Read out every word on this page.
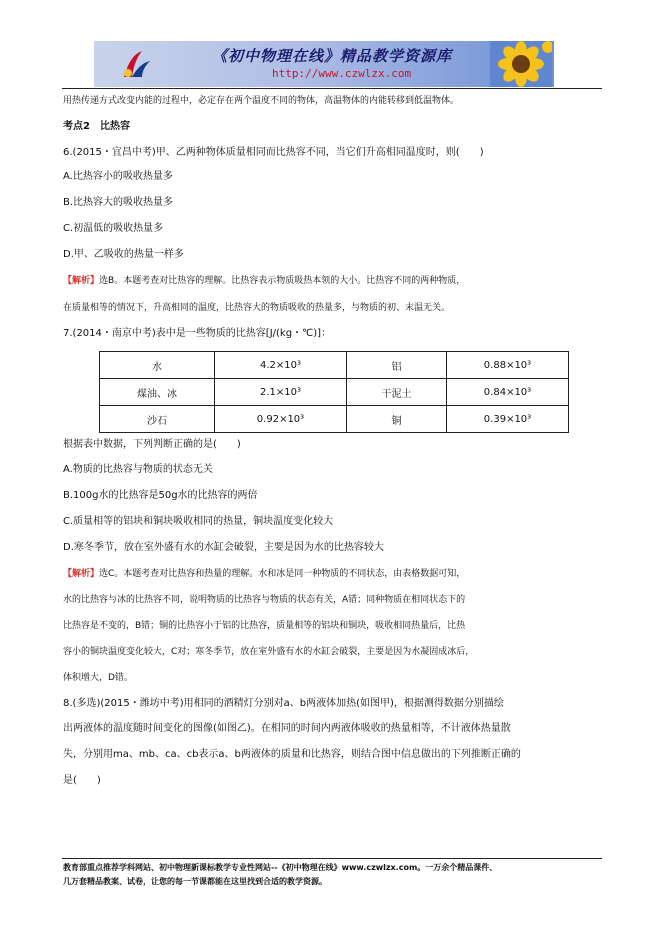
《初中物理在线》精品教学资源库
http://www.czwlzx.com
用热传递方式改变内能的过程中，必定存在两个温度不同的物体，高温物体的内能转移到低温物体。
考点2　比热容
6.(2015・宜昌中考)甲、乙两种物体质量相同而比热容不同，当它们升高相同温度时，则(　　)
A.比热容小的吸收热量多
B.比热容大的吸收热量多
C.初温低的吸收热量多
D.甲、乙吸收的热量一样多
【解析】选B。本题考查对比热容的理解。比热容表示物质吸热本领的大小。比热容不同的两种物质，
在质量相等的情况下，升高相同的温度，比热容大的物质吸收的热量多，与物质的初、末温无关。
7.(2014・南京中考)表中是一些物质的比热容[J/(kg・℃)]：
水	4.2×10³	铝	0.88×10³
煤油、冰	2.1×10³	干泥土	0.84×10³
沙石	0.92×10³	铜	0.39×10³
根据表中数据，下列判断正确的是(　　)
A.物质的比热容与物质的状态无关
B.100g水的比热容是50g水的比热容的两倍
C.质量相等的铝块和铜块吸收相同的热量，铜块温度变化较大
D.寒冬季节，放在室外盛有水的水缸会破裂，主要是因为水的比热容较大
【解析】选C。本题考查对比热容和热量的理解。水和冰是同一种物质的不同状态，由表格数据可知，
水的比热容与冰的比热容不同，说明物质的比热容与物质的状态有关，A错；同种物质在相同状态下的
比热容是不变的，B错；铜的比热容小于铝的比热容，质量相等的铝块和铜块，吸收相同热量后，比热
容小的铜块温度变化较大，C对；寒冬季节，放在室外盛有水的水缸会破裂，主要是因为水凝固成冰后，
体积增大，D错。
8.(多选)(2015・潍坊中考)用相同的酒精灯分别对a、b两液体加热(如图甲)，根据测得数据分别描绘
出两液体的温度随时间变化的图像(如图乙)。在相同的时间内两液体吸收的热量相等，不计液体热量散
失，分别用ma、mb、ca、cb表示a、b两液体的质量和比热容，则结合图中信息做出的下列推断正确的
是(　　)
教育部重点推荐学科网站、初中物理新课标教学专业性网站--《初中物理在线》www.czwlzx.com。一万余个精品课件、
几万套精品教案、试卷，让您的每一节课都能在这里找到合适的教学资源。
